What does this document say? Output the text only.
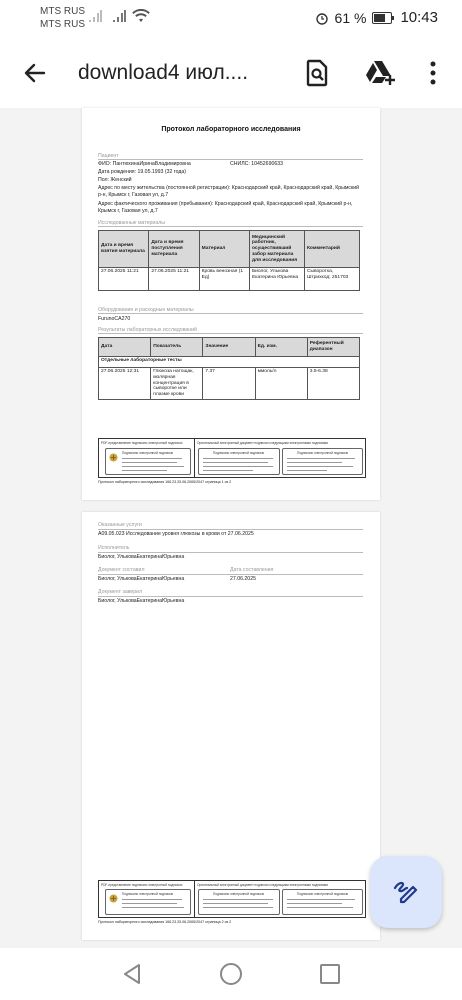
MTS RUS
MTS RUS	61 % 10:43
download4 июл....
Протокол лабораторного исследования
Пациент
ФИО: ПантюхинаИринаВладимировна	СНИЛС: 10452690633
Дата рождения: 19.05.1993 (32 года)
Пол: Женский
Адрес по месту жительства (постоянной регистрации): Краснодарский край, Краснодарский край, Крымский р-н, Крымск г, Газовая ул, д.7
Адрес фактического проживания (пребывания): Краснодарский край, Краснодарский край, Крымский р-н, Крымск г, Газовая ул, д.7
Исследованные материалы
Дата и время взятия материала	Дата и время поступления материала	Материал	Медицинский работник, осуществивший забор материала для исследования	Комментарий
27.06.2025 11:21	27.06.2025 11:21	Кровь венозная (1 Ед)	Биолог, Улькова Екатерина Юрьевна	Сыворотка, Штрихкод: 251703
Оборудование и расходные материалы
FurunoCA270
Результаты лабораторных исследований
Дата	Показатель	Значение	Ед. изм.	Референтный диапазон
Отдельные лабораторные тесты				
27.06.2025 12:31	Глюкоза натощак, молярная концентрация в сыворотке или плазме крови	7.37	ммоль/л	3.5-6.38
PDF-представление подписано электронной подписью
Подписано электронной подписью
Оригинальный электронный документ подписан следующими электронными подписями
Подписано электронной подписью	Подписано электронной подписью
Протокол лабораторного исследования 166.23.25.06.2065/2047 страница 1 из 2
Оказанные услуги
A09.05.023 Исследование уровня глюкозы в крови от 27.06.2025
Исполнитель
Биолог, УльковаЕкатеринаЮрьевна
Документ составил	Дата составления
Биолог, УльковаЕкатеринаЮрьевна	27.06.2025
Документ заверил
Биолог, УльковаЕкатеринаЮрьевна
PDF-представление подписано электронной подписью
Подписано электронной подписью
Оригинальный электронный документ подписан следующими электронными подписями
Подписано электронной подписью	Подписано электронной подписью
Протокол лабораторного исследования 166.23.25.06.2065/2047 страница 2 из 2
